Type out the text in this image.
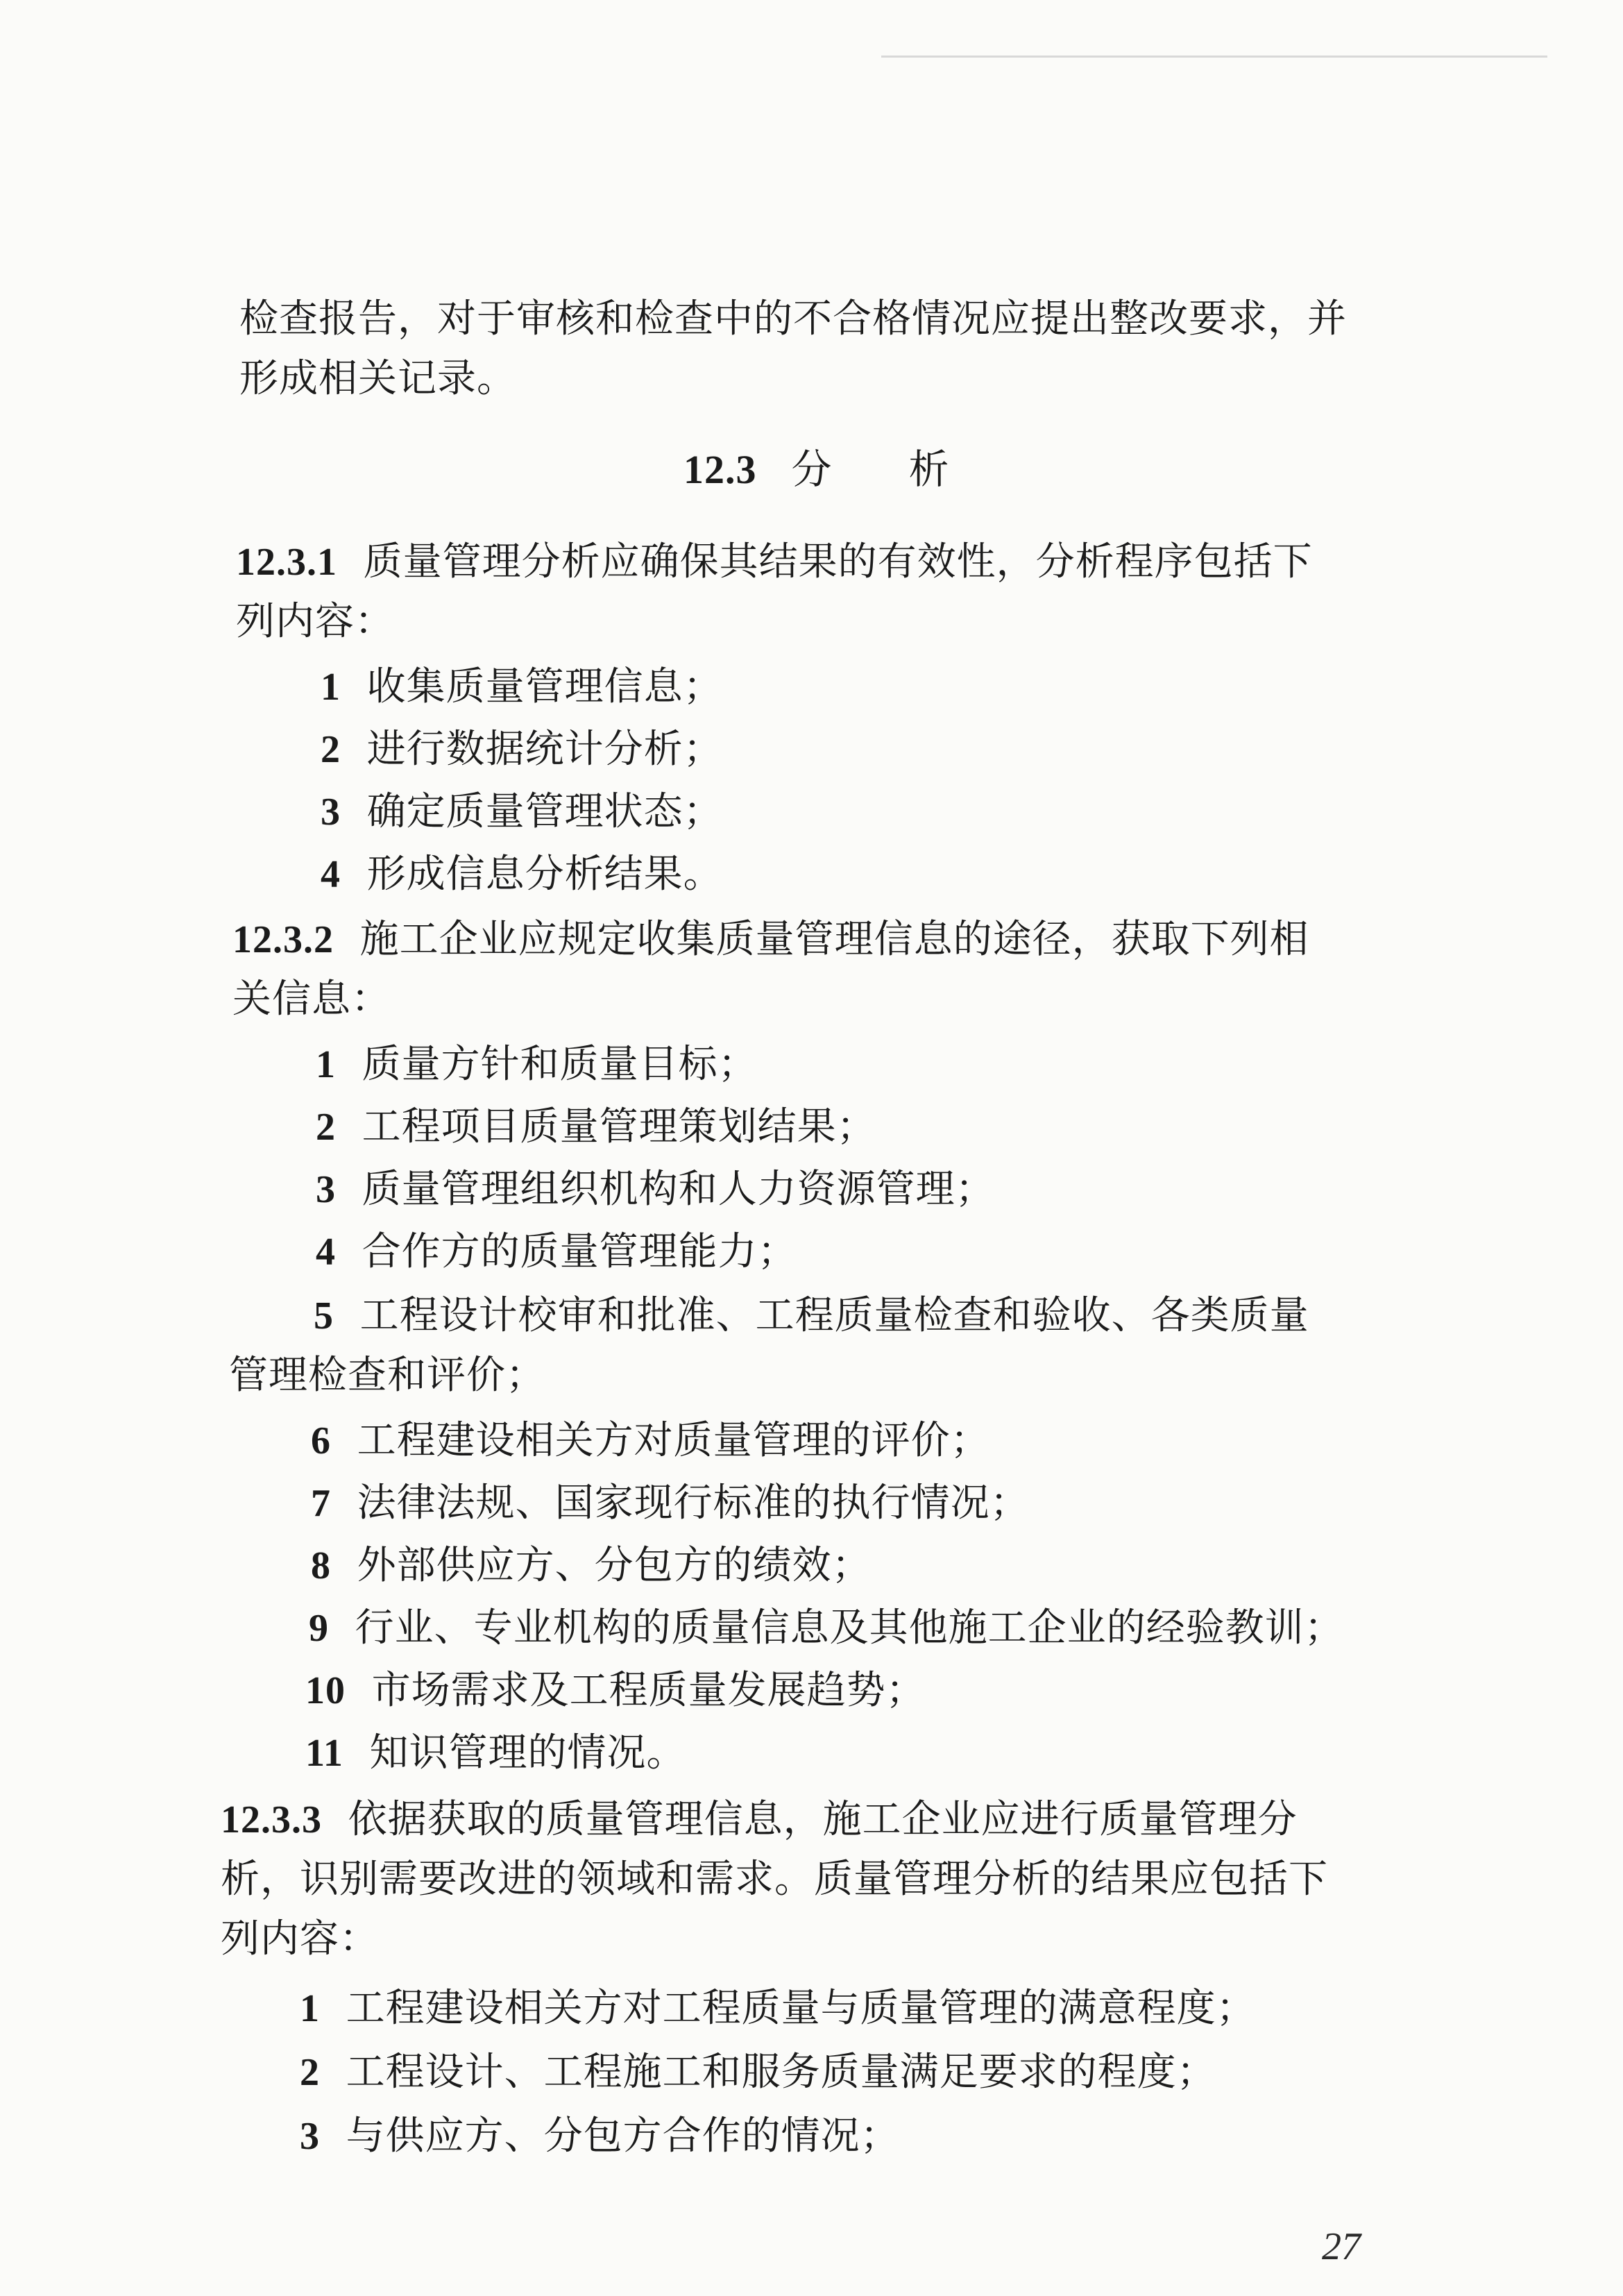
检查报告，对于审核和检查中的不合格情况应提出整改要求，并
形成相关记录。
12.3 分 析
12.3.1 质量管理分析应确保其结果的有效性，分析程序包括下
列内容：
1 收集质量管理信息；
2 进行数据统计分析；
3 确定质量管理状态；
4 形成信息分析结果。
12.3.2 施工企业应规定收集质量管理信息的途径，获取下列相
关信息：
1 质量方针和质量目标；
2 工程项目质量管理策划结果；
3 质量管理组织机构和人力资源管理；
4 合作方的质量管理能力；
5 工程设计校审和批准、工程质量检查和验收、各类质量
管理检查和评价；
6 工程建设相关方对质量管理的评价；
7 法律法规、国家现行标准的执行情况；
8 外部供应方、分包方的绩效；
9 行业、专业机构的质量信息及其他施工企业的经验教训；
10 市场需求及工程质量发展趋势；
11 知识管理的情况。
12.3.3 依据获取的质量管理信息，施工企业应进行质量管理分
析，识别需要改进的领域和需求。质量管理分析的结果应包括下
列内容：
1 工程建设相关方对工程质量与质量管理的满意程度；
2 工程设计、工程施工和服务质量满足要求的程度；
3 与供应方、分包方合作的情况；
27
